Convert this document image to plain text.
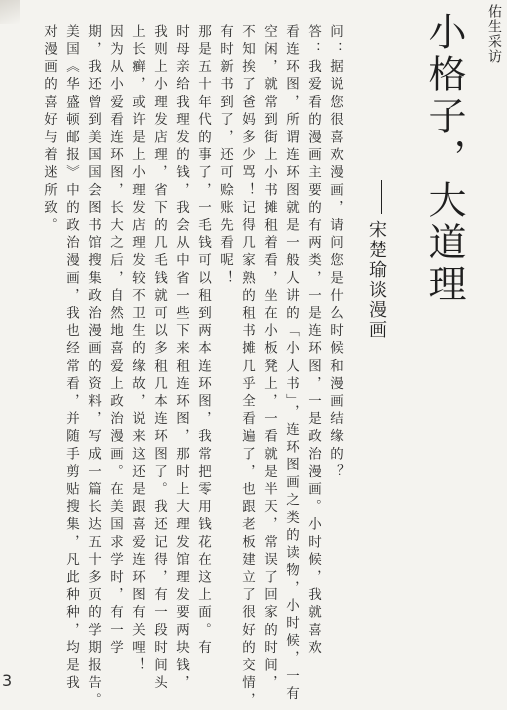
佑生采访
小格子，大道理
宋楚瑜谈漫画
问：据说您很喜欢漫画，请问您是什么时候和漫画结缘的？
答：我爱看的漫画主要的有两类，一是连环图，一是政治漫画。小时候，我就喜欢
看连环图，所谓连环图就是一般人讲的「小人书」，连环图画之类的读物，小时候，一有
空闲，就常到街上小书摊租着看，坐在小板凳上，一看就是半天，常误了回家的时间，
不知挨了爸妈多少骂！记得几家熟的租书摊几乎全看遍了，也跟老板建立了很好的交情，
有时新书到了，还可赊账先看呢！
那是五十年代的事了，一毛钱可以租到两本连环图，我常把零用钱花在这上面。有
时母亲给我理发的钱，我会从中省一些下来租连环图，那时上大理发馆理发要两块钱，
我则上小理发店理，省下的几毛钱就可以多租几本连环图了。我还记得，有一段时间头
上长癣，或许是上小理发店理发较不卫生的缘故，说来这还是跟喜爱连环图有关哩！
因为从小爱看连环图，长大之后，自然地喜爱上政治漫画。在美国求学时，有一学
期，我还曾到美国国会图书馆搜集政治漫画的资料，写成一篇长达五十多页的学期报告。
美国《华盛顿邮报》中的政治漫画，我也经常看，并随手剪贴搜集，凡此种种，均是我
对漫画的喜好与着迷所致。
3
